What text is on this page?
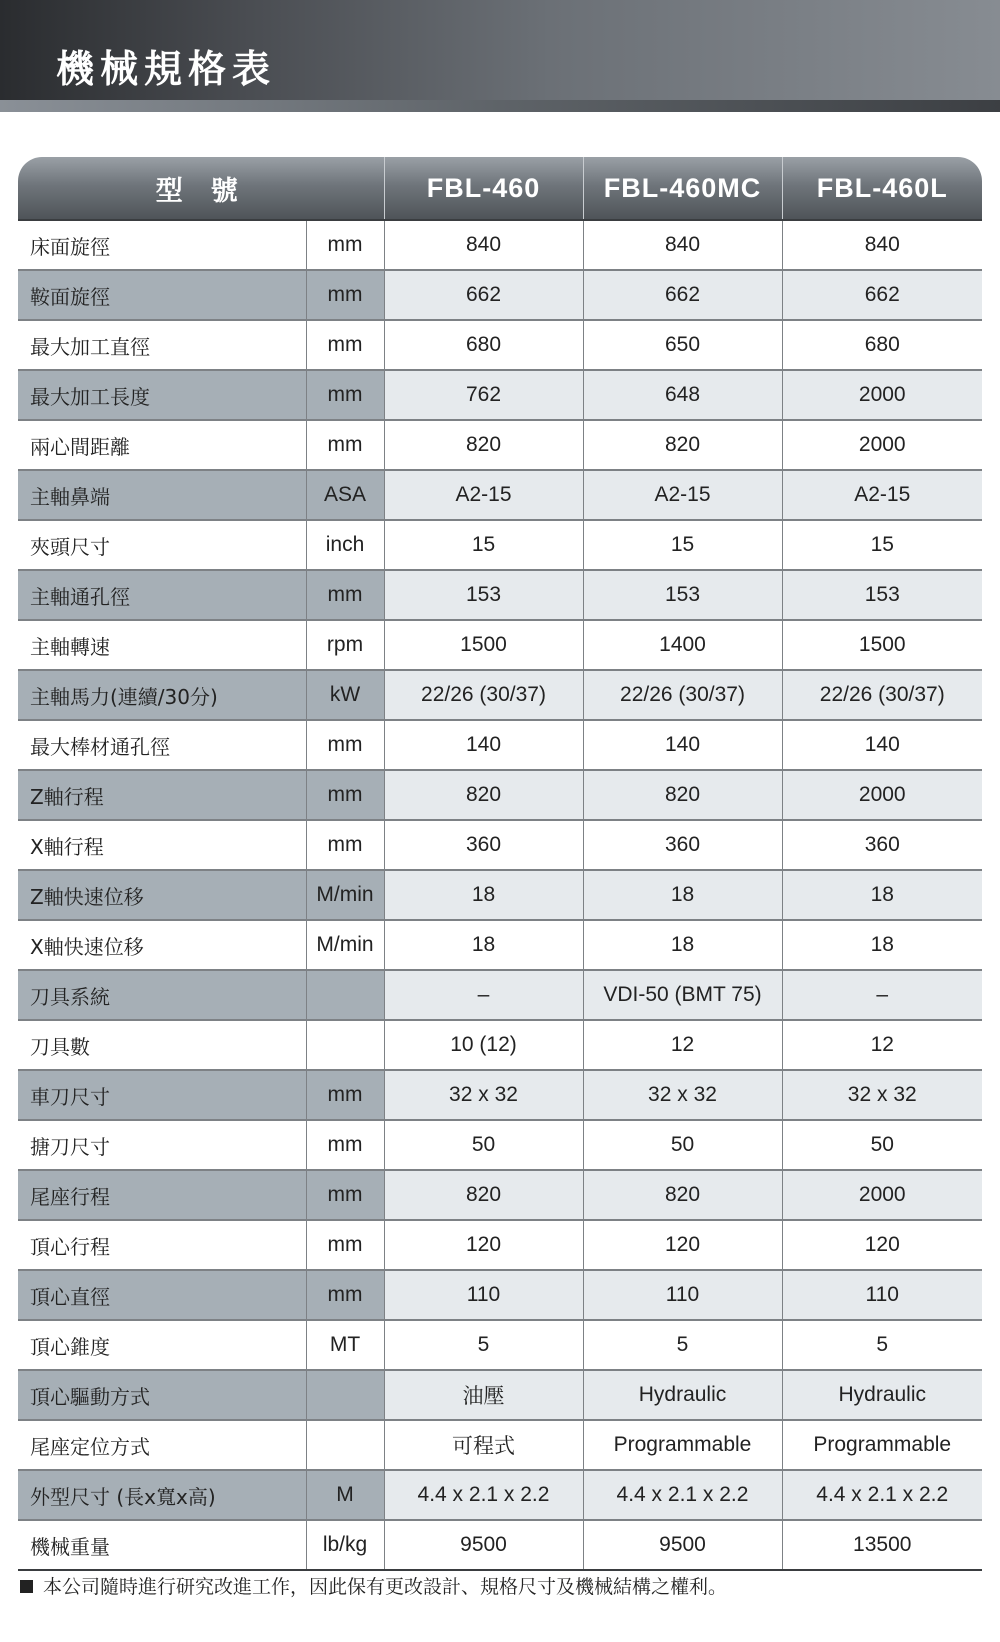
機械規格表
型號		FBL-460	FBL-460MC	FBL-460L
床面旋徑	mm	840	840	840
鞍面旋徑	mm	662	662	662
最大加工直徑	mm	680	650	680
最大加工長度	mm	762	648	2000
兩心間距離	mm	820	820	2000
主軸鼻端	ASA	A2-15	A2-15	A2-15
夾頭尺寸	inch	15	15	15
主軸通孔徑	mm	153	153	153
主軸轉速	rpm	1500	1400	1500
主軸馬力(連續/30分)	kW	22/26 (30/37)	22/26 (30/37)	22/26 (30/37)
最大棒材通孔徑	mm	140	140	140
Z軸行程	mm	820	820	2000
X軸行程	mm	360	360	360
Z軸快速位移	M/min	18	18	18
X軸快速位移	M/min	18	18	18
刀具系統		–	VDI-50 (BMT 75)	–
刀具數		10 (12)	12	12
車刀尺寸	mm	32 x 32	32 x 32	32 x 32
搪刀尺寸	mm	50	50	50
尾座行程	mm	820	820	2000
頂心行程	mm	120	120	120
頂心直徑	mm	110	110	110
頂心錐度	MT	5	5	5
頂心驅動方式		油壓	Hydraulic	Hydraulic
尾座定位方式		可程式	Programmable	Programmable
外型尺寸 (長x寬x高)	M	4.4 x 2.1 x 2.2	4.4 x 2.1 x 2.2	4.4 x 2.1 x 2.2
機械重量	lb/kg	9500	9500	13500
本公司隨時進行研究改進工作，因此保有更改設計、規格尺寸及機械結構之權利。
